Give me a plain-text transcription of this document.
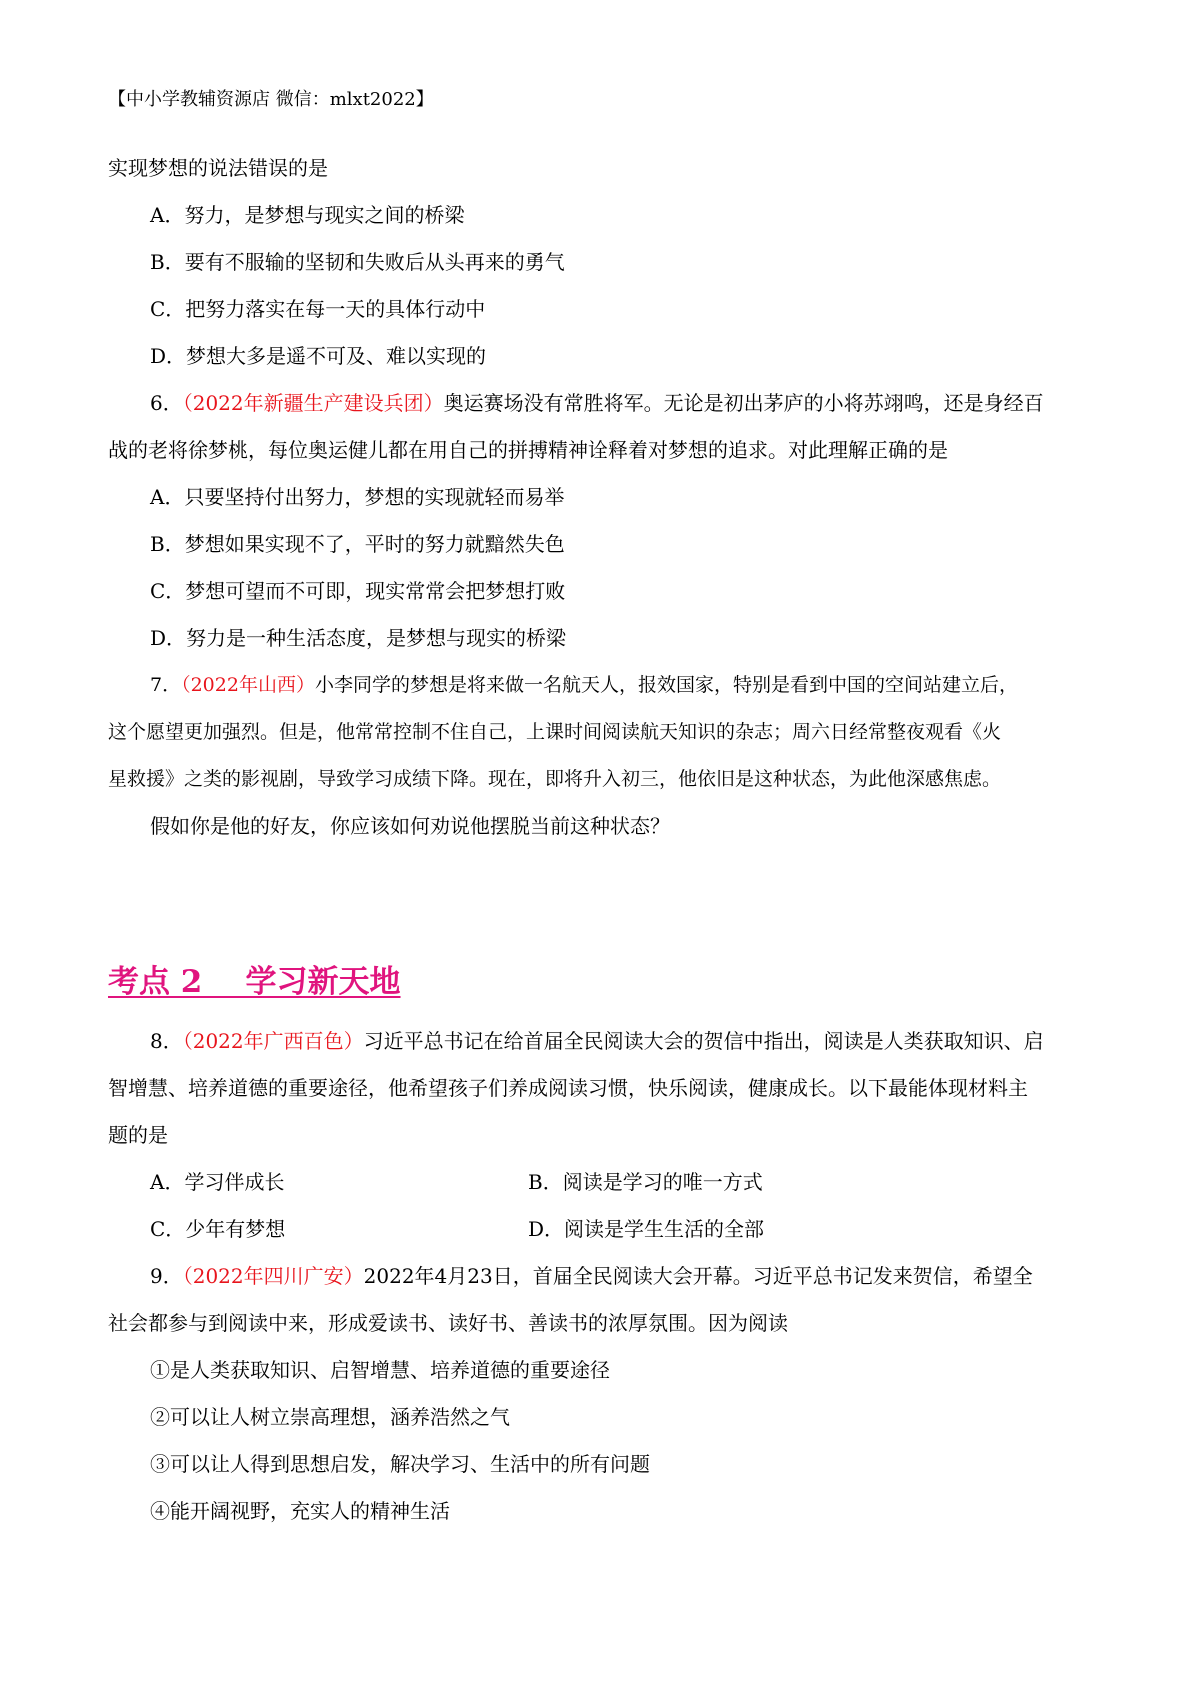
【中小学教辅资源店 微信：mlxt2022】
实现梦想的说法错误的是
A．努力，是梦想与现实之间的桥梁
B．要有不服输的坚韧和失败后从头再来的勇气
C．把努力落实在每一天的具体行动中
D．梦想大多是遥不可及、难以实现的
6．（2022年新疆生产建设兵团）奥运赛场没有常胜将军。无论是初出茅庐的小将苏翊鸣，还是身经百
战的老将徐梦桃，每位奥运健儿都在用自己的拼搏精神诠释着对梦想的追求。对此理解正确的是
A．只要坚持付出努力，梦想的实现就轻而易举
B．梦想如果实现不了，平时的努力就黯然失色
C．梦想可望而不可即，现实常常会把梦想打败
D．努力是一种生活态度，是梦想与现实的桥梁
7．（2022年山西）小李同学的梦想是将来做一名航天人，报效国家，特别是看到中国的空间站建立后，
这个愿望更加强烈。但是，他常常控制不住自己，上课时间阅读航天知识的杂志；周六日经常整夜观看《火
星救援》之类的影视剧，导致学习成绩下降。现在，即将升入初三，他依旧是这种状态，为此他深感焦虑。
假如你是他的好友，你应该如何劝说他摆脱当前这种状态？
考点 2    学习新天地
8．（2022年广西百色）习近平总书记在给首届全民阅读大会的贺信中指出，阅读是人类获取知识、启
智增慧、培养道德的重要途径，他希望孩子们养成阅读习惯，快乐阅读，健康成长。以下最能体现材料主
题的是
A．学习伴成长	B．阅读是学习的唯一方式
C．少年有梦想	D．阅读是学生生活的全部
9．（2022年四川广安）2022年4月23日，首届全民阅读大会开幕。习近平总书记发来贺信，希望全
社会都参与到阅读中来，形成爱读书、读好书、善读书的浓厚氛围。因为阅读
①是人类获取知识、启智增慧、培养道德的重要途径
②可以让人树立崇高理想，涵养浩然之气
③可以让人得到思想启发，解决学习、生活中的所有问题
④能开阔视野，充实人的精神生活
